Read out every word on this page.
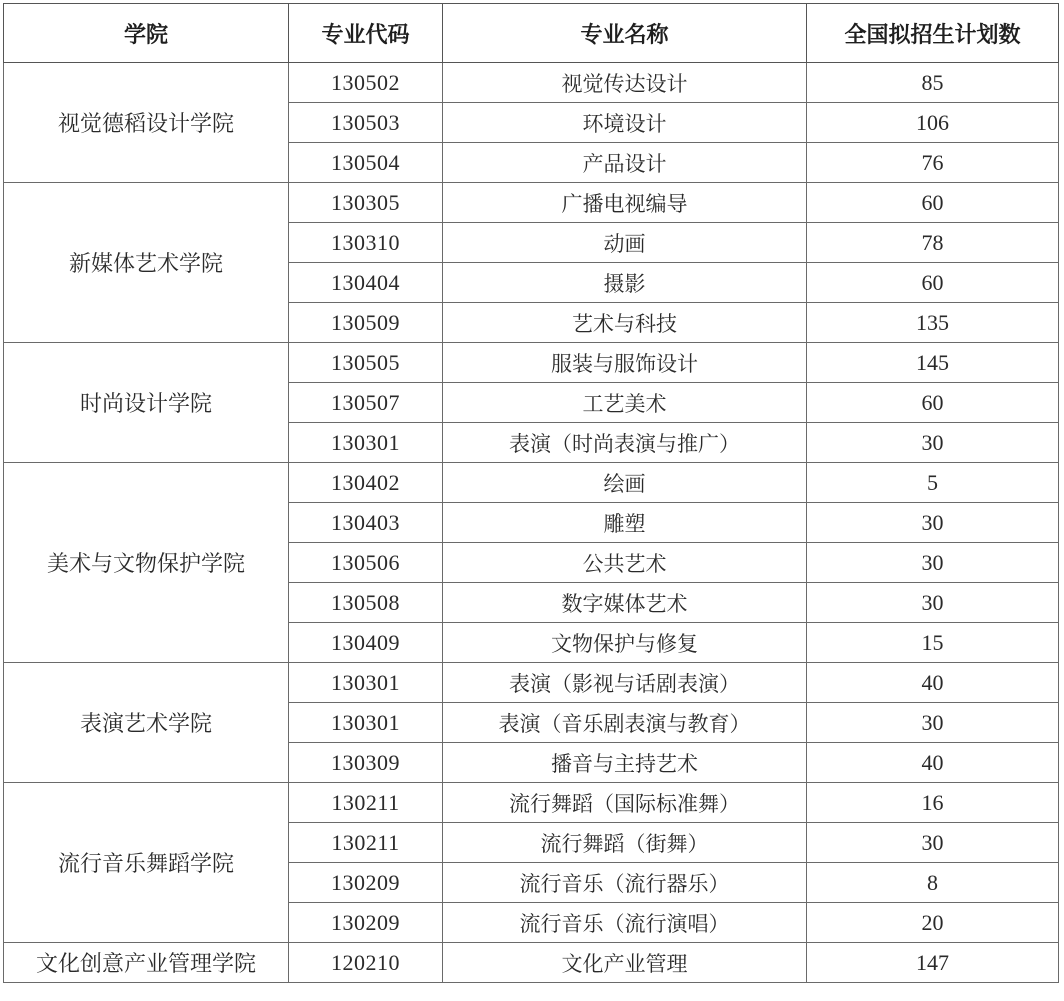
学院	专业代码	专业名称	全国拟招生计划数
视觉德稻设计学院	130502	视觉传达设计	85
	130503	环境设计	106
	130504	产品设计	76
新媒体艺术学院	130305	广播电视编导	60
	130310	动画	78
	130404	摄影	60
	130509	艺术与科技	135
时尚设计学院	130505	服装与服饰设计	145
	130507	工艺美术	60
	130301	表演（时尚表演与推广）	30
美术与文物保护学院	130402	绘画	5
	130403	雕塑	30
	130506	公共艺术	30
	130508	数字媒体艺术	30
	130409	文物保护与修复	15
表演艺术学院	130301	表演（影视与话剧表演）	40
	130301	表演（音乐剧表演与教育）	30
	130309	播音与主持艺术	40
流行音乐舞蹈学院	130211	流行舞蹈（国际标准舞）	16
	130211	流行舞蹈（街舞）	30
	130209	流行音乐（流行器乐）	8
	130209	流行音乐（流行演唱）	20
文化创意产业管理学院	120210	文化产业管理	147
